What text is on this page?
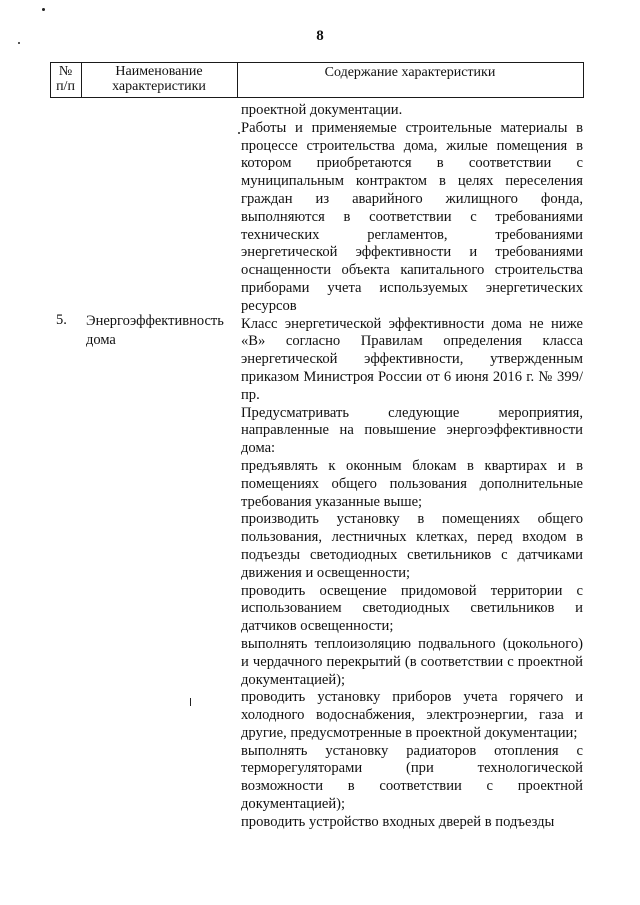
8
№
п/п
Наименование
характеристики
Содержание характеристики
5. Энергоэффективность
дома

проектной документации.

Работы и применяемые строительные материалы в процессе строительства дома, жилые помещения в котором приобретаются в соответствии с муниципальным контрактом в целях переселения граждан из аварийного жилищного фонда, выполняются в соответствии с требованиями технических регламентов, требованиями энергетической эффективности и требованиями оснащенности объекта капитального строительства приборами учета используемых энергетических ресурсов

Класс энергетической эффективности дома не ниже «В» согласно Правилам определения класса энергетической эффективности, утвержденным приказом Министроя России от 6 июня 2016 г. № 399/пр.

Предусматривать следующие мероприятия, направленные на повышение энергоэффективности дома:

предъявлять к оконным блокам в квартирах и в помещениях общего пользования дополнительные требования указанные выше;

производить установку в помещениях общего пользования, лестничных клетках, перед входом в подъезды светодиодных светильников с датчиками движения и освещенности;

проводить освещение придомовой территории с использованием светодиодных светильников и датчиков освещенности;

выполнять теплоизоляцию подвального (цокольного) и чердачного перекрытий (в соответствии с проектной документацией);

проводить установку приборов учета горячего и холодного водоснабжения, электроэнергии, газа и другие, предусмотренные в проектной документации;

выполнять установку радиаторов отопления с терморегуляторами (при технологической возможности в соответствии с проектной документацией);

проводить устройство входных дверей в подъезды
